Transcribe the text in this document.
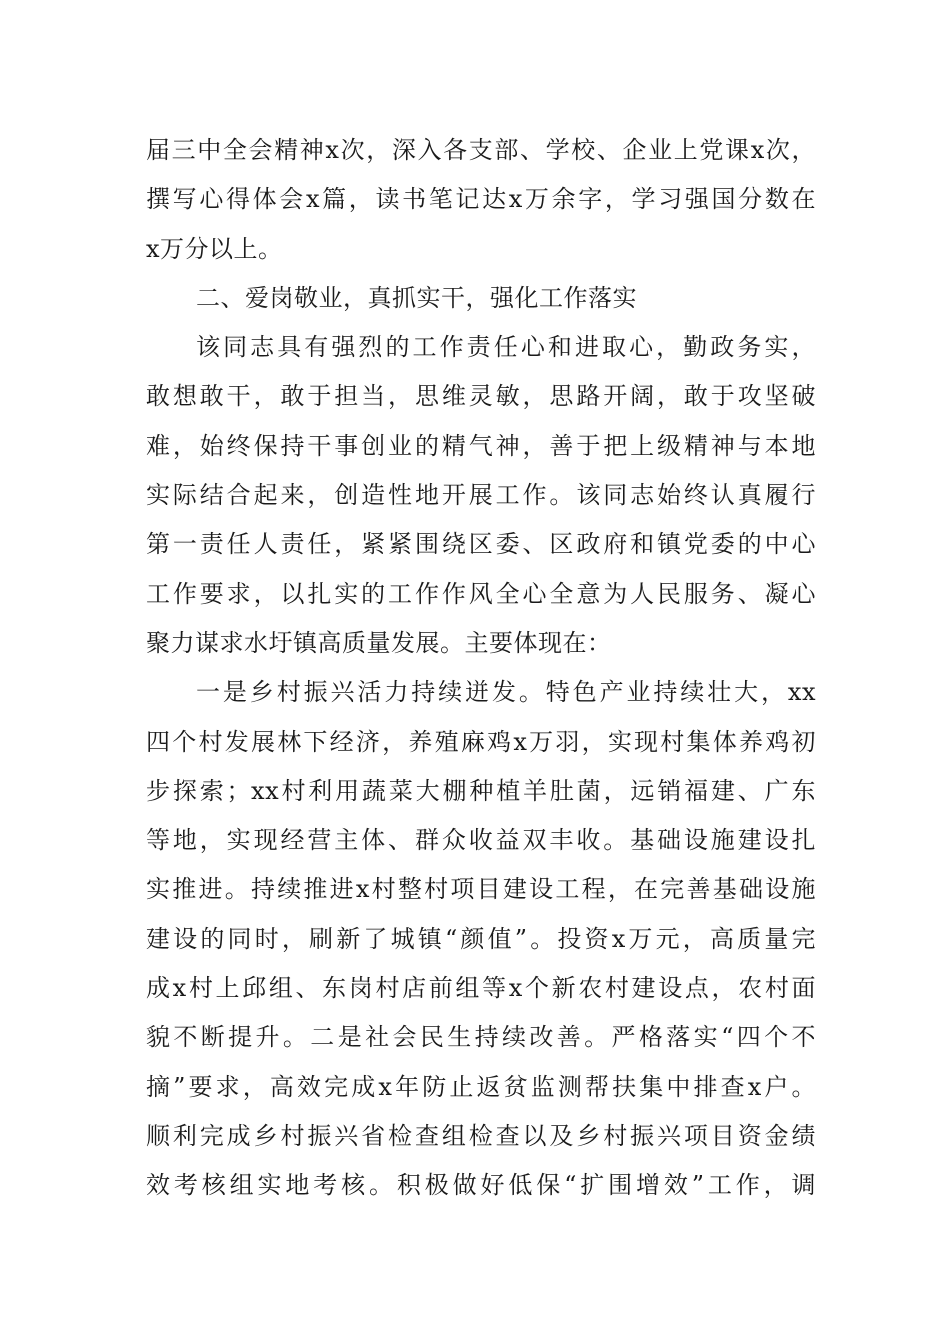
届三中全会精神x次，深入各支部、学校、企业上党课x次，
撰写心得体会x篇，读书笔记达x万余字，学习强国分数在
x万分以上。
二、爱岗敬业，真抓实干，强化工作落实
该同志具有强烈的工作责任心和进取心，勤政务实，
敢想敢干，敢于担当，思维灵敏，思路开阔，敢于攻坚破
难，始终保持干事创业的精气神，善于把上级精神与本地
实际结合起来，创造性地开展工作。该同志始终认真履行
第一责任人责任，紧紧围绕区委、区政府和镇党委的中心
工作要求，以扎实的工作作风全心全意为人民服务、凝心
聚力谋求水圩镇高质量发展。主要体现在：
一是乡村振兴活力持续迸发。特色产业持续壮大，xx
四个村发展林下经济，养殖麻鸡x万羽，实现村集体养鸡初
步探索；xx村利用蔬菜大棚种植羊肚菌，远销福建、广东
等地，实现经营主体、群众收益双丰收。基础设施建设扎
实推进。持续推进x村整村项目建设工程，在完善基础设施
建设的同时，刷新了城镇“颜值”。投资x万元，高质量完
成x村上邱组、东岗村店前组等x个新农村建设点，农村面
貌不断提升。二是社会民生持续改善。严格落实“四个不
摘”要求，高效完成x年防止返贫监测帮扶集中排查x户。
顺利完成乡村振兴省检查组检查以及乡村振兴项目资金绩
效考核组实地考核。积极做好低保“扩围增效”工作，调
